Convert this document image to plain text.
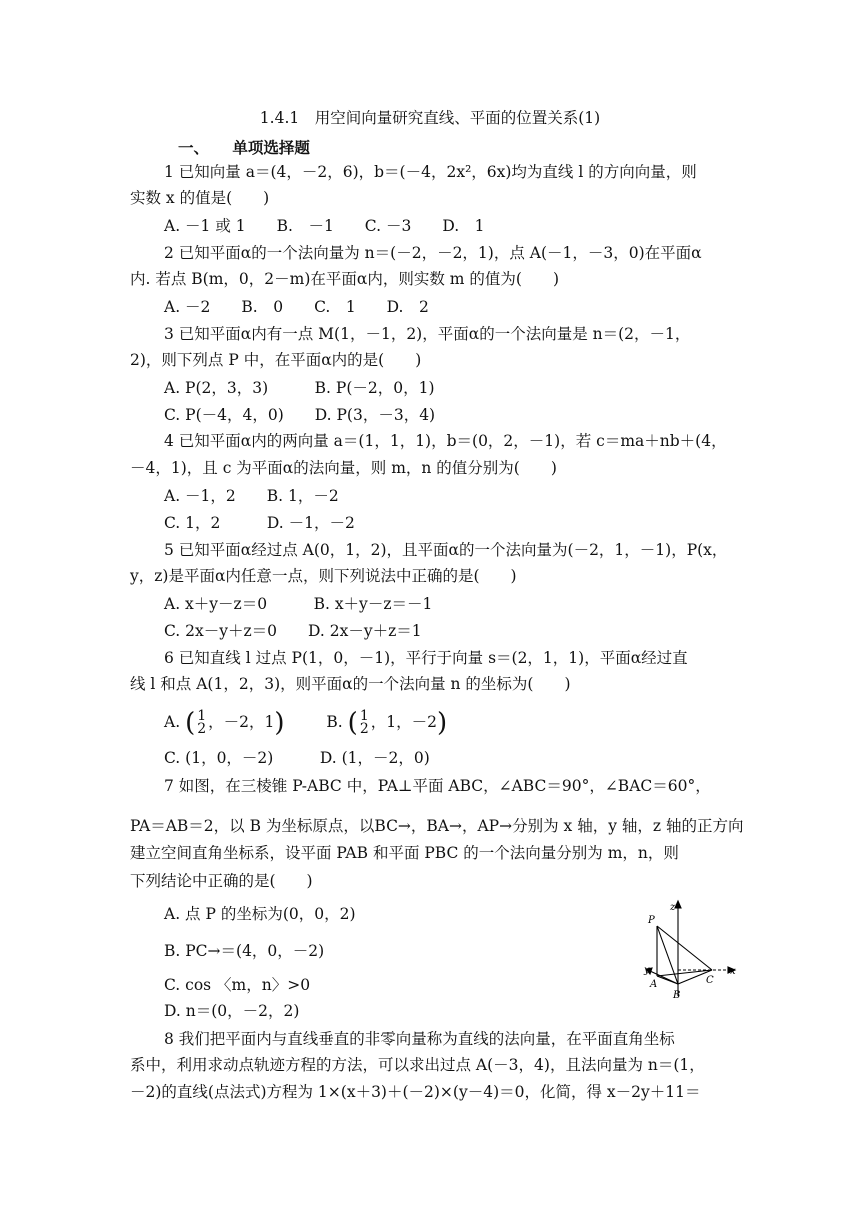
1.4.1　用空间向量研究直线、平面的位置关系(1)
一、 单项选择题
1 已知向量 a＝(4，－2，6)，b＝(－4，2x²，6x)均为直线 l 的方向向量，则
实数 x 的值是(　　)
A. －1 或 1　　B.　－1　　C. －3　　D.　1
2 已知平面α的一个法向量为 n＝(－2，－2，1)，点 A(－1，－3，0)在平面α
内. 若点 B(m，0，2－m)在平面α内，则实数 m 的值为(　　)
A. －2　　B.　0　　C.　1　　D.　2
3 已知平面α内有一点 M(1，－1，2)，平面α的一个法向量是 n＝(2，－1，
2)，则下列点 P 中，在平面α内的是(　　)
A. P(2，3，3)　　　B. P(－2，0，1)
C. P(－4，4，0)　　D. P(3，－3，4)
4 已知平面α内的两向量 a＝(1，1，1)，b＝(0，2，－1)，若 c＝ma＋nb＋(4，
－4，1)，且 c 为平面α的法向量，则 m，n 的值分别为(　　)
A. －1，2　　B. 1，－2
C. 1，2　　　D. －1，－2
5 已知平面α经过点 A(0，1，2)，且平面α的一个法向量为(－2，1，－1)，P(x，
y，z)是平面α内任意一点，则下列说法中正确的是(　　)
A. x＋y－z＝0　　　B. x＋y－z＝－1
C. 2x－y＋z＝0　　D. 2x－y＋z＝1
6 已知直线 l 过点 P(1，0，－1)，平行于向量 s＝(2，1，1)，平面α经过直
线 l 和点 A(1，2，3)，则平面α的一个法向量 n 的坐标为(　　)
A. ( 1
2 ，－2，1)	B. ( 1
2 ，1，－2)
C. (1，0，－2)　　　D. (1，－2，0)
7 如图，在三棱锥 P-ABC 中，PA⊥平面 ABC，∠ABC＝90°，∠BAC＝60°，
PA＝AB＝2，以 B 为坐标原点，以BC→，BA→，AP→分别为 x 轴，y 轴，z 轴的正方向
建立空间直角坐标系，设平面 PAB 和平面 PBC 的一个法向量分别为 m，n，则
下列结论中正确的是(　　)
A. 点 P 的坐标为(0，0，2)
B. PC→＝(4，0，－2)
C. cos 〈m，n〉>0
D. n＝(0，－2，2)
z
P
y	x
A
B
C
8 我们把平面内与直线垂直的非零向量称为直线的法向量，在平面直角坐标
系中，利用求动点轨迹方程的方法，可以求出过点 A(－3，4)，且法向量为 n＝(1，
－2)的直线(点法式)方程为 1×(x＋3)＋(－2)×(y－4)＝0，化简，得 x－2y＋11＝
